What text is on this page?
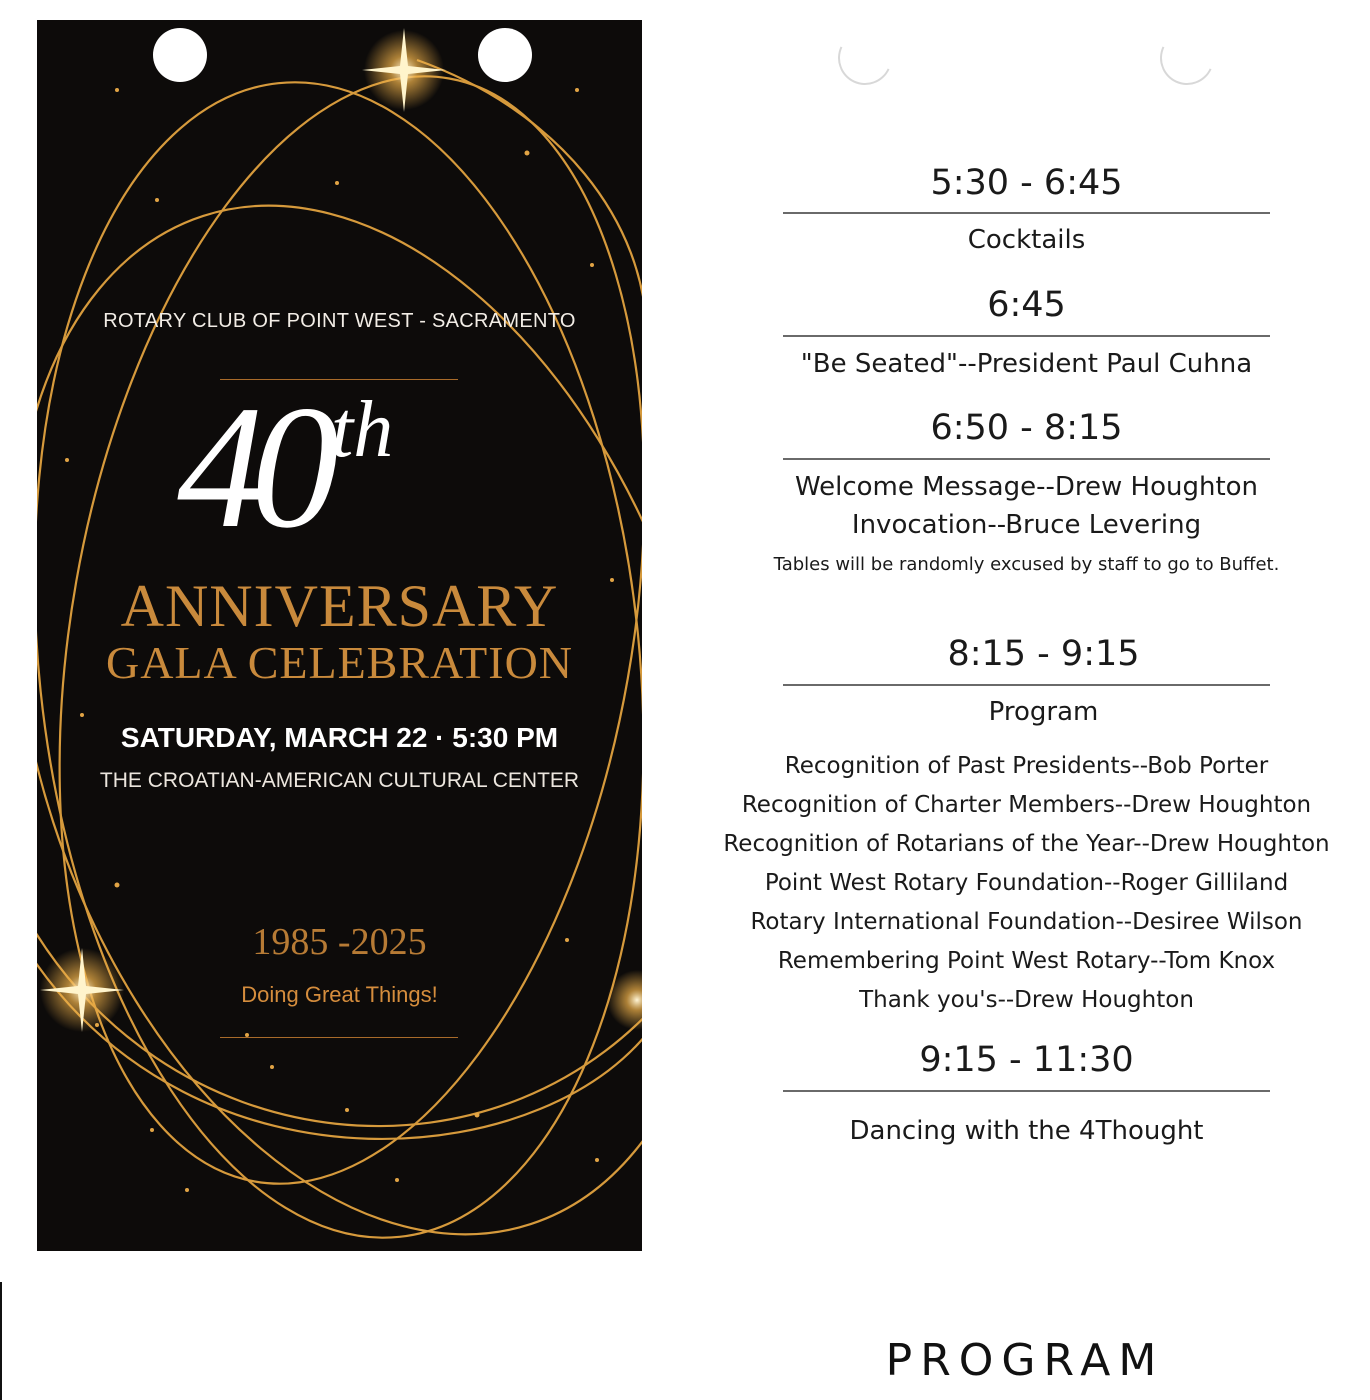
ROTARY CLUB OF POINT WEST - SACRAMENTO
40th
ANNIVERSARY
GALA CELEBRATION
SATURDAY, MARCH 22 · 5:30 PM
THE CROATIAN-AMERICAN CULTURAL CENTER
1985 -2025
Doing Great Things!
5:30 - 6:45
Cocktails
6:45
"Be Seated"--President Paul Cuhna
6:50 - 8:15
Welcome Message--Drew Houghton
Invocation--Bruce Levering
Tables will be randomly excused by staff to go to Buffet.
8:15 - 9:15
Program
Recognition of Past Presidents--Bob Porter
Recognition of Charter Members--Drew Houghton
Recognition of Rotarians of the Year--Drew Houghton
Point West Rotary Foundation--Roger Gilliland
Rotary International Foundation--Desiree Wilson
Remembering Point West Rotary--Tom Knox
Thank you's--Drew Houghton
9:15 - 11:30
Dancing with the 4Thought
PROGRAM
